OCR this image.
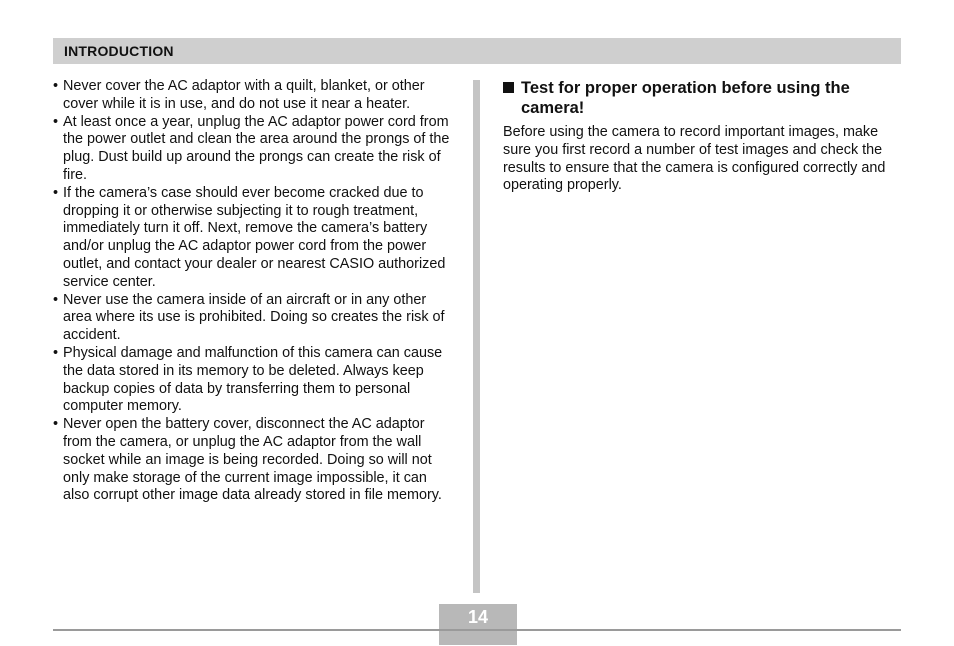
INTRODUCTION
• Never cover the AC adaptor with a quilt, blanket, or other cover while it is in use, and do not use it near a heater.
• At least once a year, unplug the AC adaptor power cord from the power outlet and clean the area around the prongs of the plug. Dust build up around the prongs can create the risk of fire.
• If the camera’s case should ever become cracked due to dropping it or otherwise subjecting it to rough treatment, immediately turn it off. Next, remove the camera’s battery and/or unplug the AC adaptor power cord from the power outlet, and contact your dealer or nearest CASIO authorized service center.
• Never use the camera inside of an aircraft or in any other area where its use is prohibited. Doing so creates the risk of accident.
• Physical damage and malfunction of this camera can cause the data stored in its memory to be deleted. Always keep backup copies of data by transferring them to personal computer memory.
• Never open the battery cover, disconnect the AC adaptor from the camera, or unplug the AC adaptor from the wall socket while an image is being recorded. Doing so will not only make storage of the current image impossible, it can also corrupt other image data already stored in file memory.
Test for proper operation before using the camera!

Before using the camera to record important images, make sure you first record a number of test images and check the results to ensure that the camera is configured correctly and operating properly.

14
